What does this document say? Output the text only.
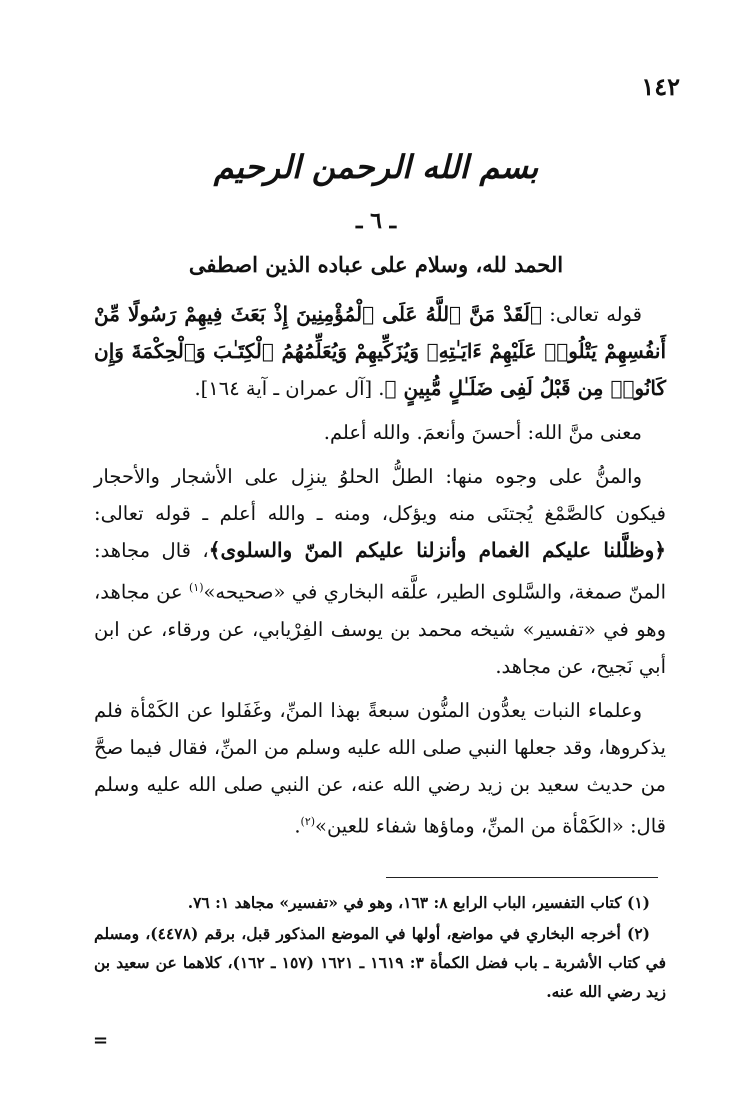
١٤٢
بسم الله الرحمن الرحيم
ـ ٦ ـ
الحمد لله، وسلام على عباده الذين اصطفى

قوله تعالى: ﴿لَقَدْ مَنَّ ٱللَّهُ عَلَى ٱلْمُؤْمِنِينَ إِذْ بَعَثَ فِيهِمْ رَسُولًا مِّنْ أَنفُسِهِمْ يَتْلُوا۟ عَلَيْهِمْ ءَايَـٰتِهِۦ وَيُزَكِّيهِمْ وَيُعَلِّمُهُمُ ٱلْكِتَـٰبَ وَٱلْحِكْمَةَ وَإِن كَانُوا۟ مِن قَبْلُ لَفِى ضَلَـٰلٍ مُّبِينٍ ﴾. [آل عمران ـ آية ١٦٤].

معنى منَّ الله: أحسنَ وأنعمَ. والله أعلم.

والمنُّ على وجوه منها: الطلُّ الحلوُ ينزِل على الأشجار والأحجار فيكون كالصَّمْغ يُجتنَى منه ويؤكل، ومنه ـ والله أعلم ـ قوله تعالى: ﴿وظلَّلنا عليكم الغمام وأنزلنا عليكم المنّ والسلوى﴾، قال مجاهد: المنّ صمغة، والسَّلوى الطير، علَّقه البخاري في «صحيحه»$^{(١)}$ عن مجاهد، وهو في «تفسير» شيخه محمد بن يوسف الفِرْيابي، عن ورقاء، عن ابن أبي نَجيح، عن مجاهد.

وعلماء النبات يعدُّون المنُّون سبعةً بهذا المنِّ، وغَفَلوا عن الكَمْأة فلم يذكروها، وقد جعلها النبي صلى الله عليه وسلم من المنِّ، فقال فيما صحَّ من حديث سعيد بن زيد رضي الله عنه، عن النبي صلى الله عليه وسلم قال: «الكَمْأة من المنِّ، وماؤها شفاء للعين»$^{(٢)}$.

(١) كتاب التفسير، الباب الرابع ٨: ١٦٣، وهو في «تفسير» مجاهد ١: ٧٦.

(٢) أخرجه البخاري في مواضع، أولها في الموضع المذكور قبل، برقم (٤٤٧٨)، ومسلم في كتاب الأشربة ـ باب فضل الكمأة ٣: ١٦١٩ ـ ١٦٢١ (١٥٧ ـ ١٦٢)، كلاهما عن سعيد بن زيد رضي الله عنه.

=
